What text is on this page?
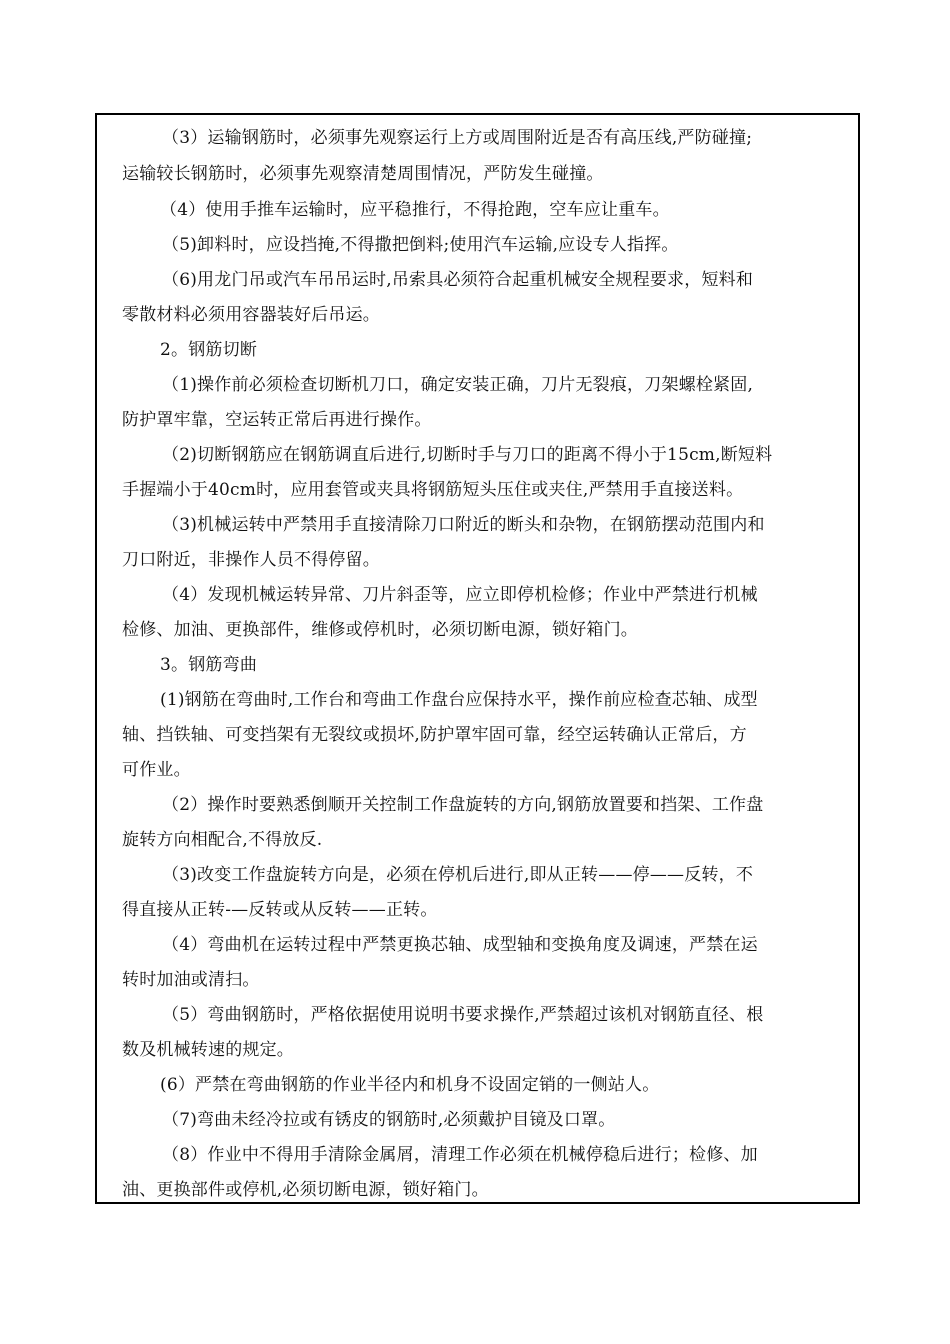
（3）运输钢筋时，必须事先观察运行上方或周围附近是否有高压线,严防碰撞;
运输较长钢筋时，必须事先观察清楚周围情况，严防发生碰撞。
（4）使用手推车运输时，应平稳推行，不得抢跑，空车应让重车。
（5)卸料时，应设挡掩,不得撒把倒料;使用汽车运输,应设专人指挥。
（6)用龙门吊或汽车吊吊运时,吊索具必须符合起重机械安全规程要求，短料和
零散材料必须用容器装好后吊运。
2。钢筋切断
（1)操作前必须检查切断机刀口，确定安装正确，刀片无裂痕，刀架螺栓紧固,
防护罩牢靠，空运转正常后再进行操作。
（2)切断钢筋应在钢筋调直后进行,切断时手与刀口的距离不得小于15cm,断短料
手握端小于40cm时，应用套管或夹具将钢筋短头压住或夹住,严禁用手直接送料。
（3)机械运转中严禁用手直接清除刀口附近的断头和杂物，在钢筋摆动范围内和
刀口附近，非操作人员不得停留。
（4）发现机械运转异常、刀片斜歪等，应立即停机检修；作业中严禁进行机械
检修、加油、更换部件，维修或停机时，必须切断电源，锁好箱门。
3。钢筋弯曲
(1)钢筋在弯曲时,工作台和弯曲工作盘台应保持水平，操作前应检查芯轴、成型
轴、挡铁轴、可变挡架有无裂纹或损坏,防护罩牢固可靠，经空运转确认正常后，方
可作业。
（2）操作时要熟悉倒顺开关控制工作盘旋转的方向,钢筋放置要和挡架、工作盘
旋转方向相配合,不得放反.
（3)改变工作盘旋转方向是，必须在停机后进行,即从正转——停——反转，不
得直接从正转-—反转或从反转——正转。
（4）弯曲机在运转过程中严禁更换芯轴、成型轴和变换角度及调速，严禁在运
转时加油或清扫。
（5）弯曲钢筋时，严格依据使用说明书要求操作,严禁超过该机对钢筋直径、根
数及机械转速的规定。
(6）严禁在弯曲钢筋的作业半径内和机身不设固定销的一侧站人。
（7)弯曲未经冷拉或有锈皮的钢筋时,必须戴护目镜及口罩。
（8）作业中不得用手清除金属屑，清理工作必须在机械停稳后进行；检修、加
油、更换部件或停机,必须切断电源，锁好箱门。
